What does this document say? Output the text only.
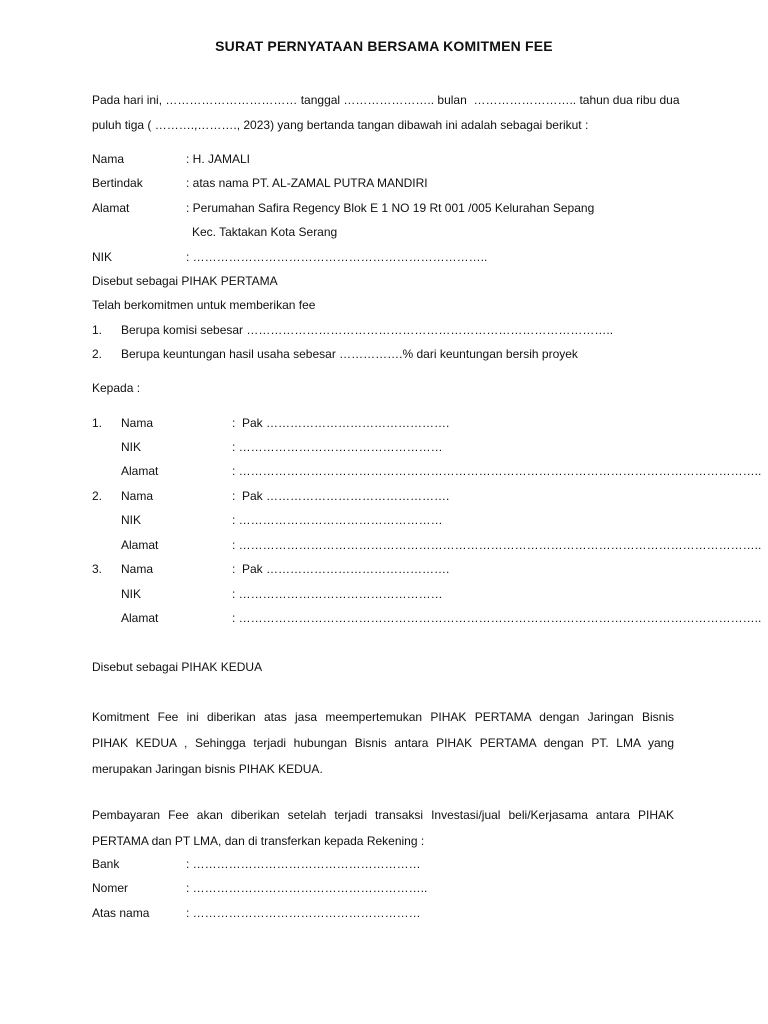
SURAT PERNYATAAN BERSAMA KOMITMEN FEE
Pada hari ini, …………………………… tanggal ………………….. bulan  …………………….. tahun dua ribu dua
puluh tiga ( ……….,………., 2023) yang bertanda tangan dibawah ini adalah sebagai berikut :
Nama	: H. JAMALI
Bertindak	: atas nama PT. AL-ZAMAL PUTRA MANDIRI
Alamat	: Perumahan Safira Regency Blok E 1 NO 19 Rt 001 /005 Kelurahan Sepang
Kec. Taktakan Kota Serang
NIK	: ………………………………………………………………..
Disebut sebagai PIHAK PERTAMA
Telah berkomitmen untuk memberikan fee
1. Berupa komisi sebesar ………………………………………………………………………………..
2. Berupa keuntungan hasil usaha sebesar …………….% dari keuntungan bersih proyek
Kepada :
1. Nama	:  Pak ……………………………………….
NIK	: ……………………………………………
Alamat	: …………………………………………………………………………………………………………………..
2. Nama	:  Pak ……………………………………….
NIK	: ……………………………………………
Alamat	: …………………………………………………………………………………………………………………..
3. Nama	:  Pak ……………………………………….
NIK	: ……………………………………………
Alamat	: …………………………………………………………………………………………………………………..
Disebut sebagai PIHAK KEDUA
Komitment Fee ini diberikan atas jasa meempertemukan PIHAK PERTAMA dengan Jaringan Bisnis
PIHAK KEDUA , Sehingga terjadi hubungan Bisnis antara PIHAK PERTAMA dengan PT. LMA yang
merupakan Jaringan bisnis PIHAK KEDUA.
Pembayaran Fee akan diberikan setelah terjadi transaksi Investasi/jual beli/Kerjasama antara PIHAK
PERTAMA dan PT LMA, dan di transferkan kepada Rekening :
Bank	: …………………………………………………
Nomer	: …………………………………………………..
Atas nama	: …………………………………………………
